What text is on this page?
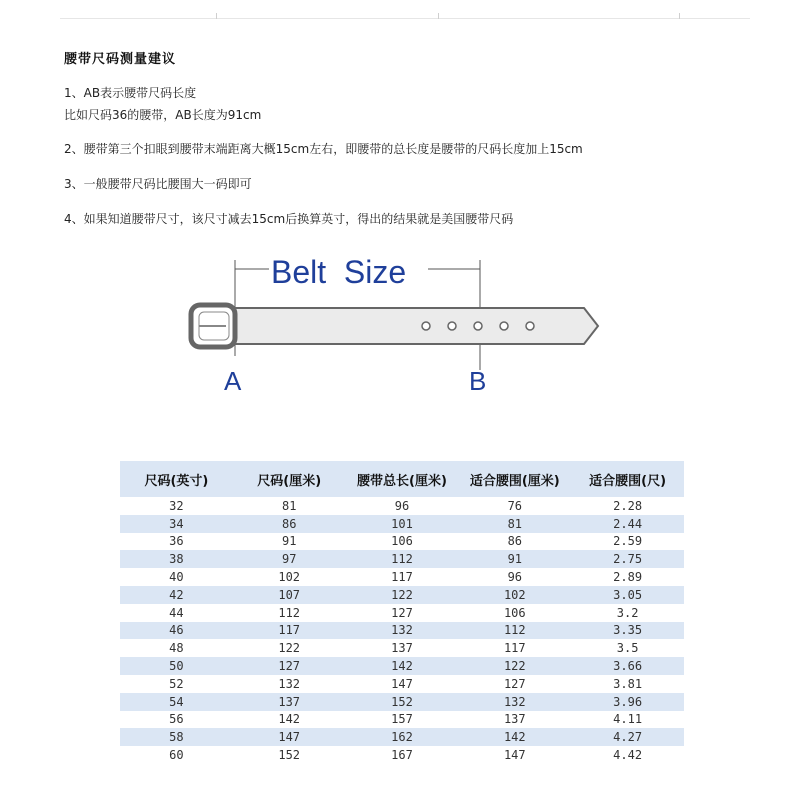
腰带尺码测量建议
1、AB表示腰带尺码长度
比如尺码36的腰带，AB长度为91cm
2、腰带第三个扣眼到腰带末端距离大概15cm左右，即腰带的总长度是腰带的尺码长度加上15cm
3、一般腰带尺码比腰围大一码即可
4、如果知道腰带尺寸，该尺寸减去15cm后换算英寸，得出的结果就是美国腰带尺码
Belt  Size
A	B
尺码(英寸)	尺码(厘米)	腰带总长(厘米)	适合腰围(厘米)	适合腰围(尺)
32	81	96	76	2.28
34	86	101	81	2.44
36	91	106	86	2.59
38	97	112	91	2.75
40	102	117	96	2.89
42	107	122	102	3.05
44	112	127	106	3.2
46	117	132	112	3.35
48	122	137	117	3.5
50	127	142	122	3.66
52	132	147	127	3.81
54	137	152	132	3.96
56	142	157	137	4.11
58	147	162	142	4.27
60	152	167	147	4.42
